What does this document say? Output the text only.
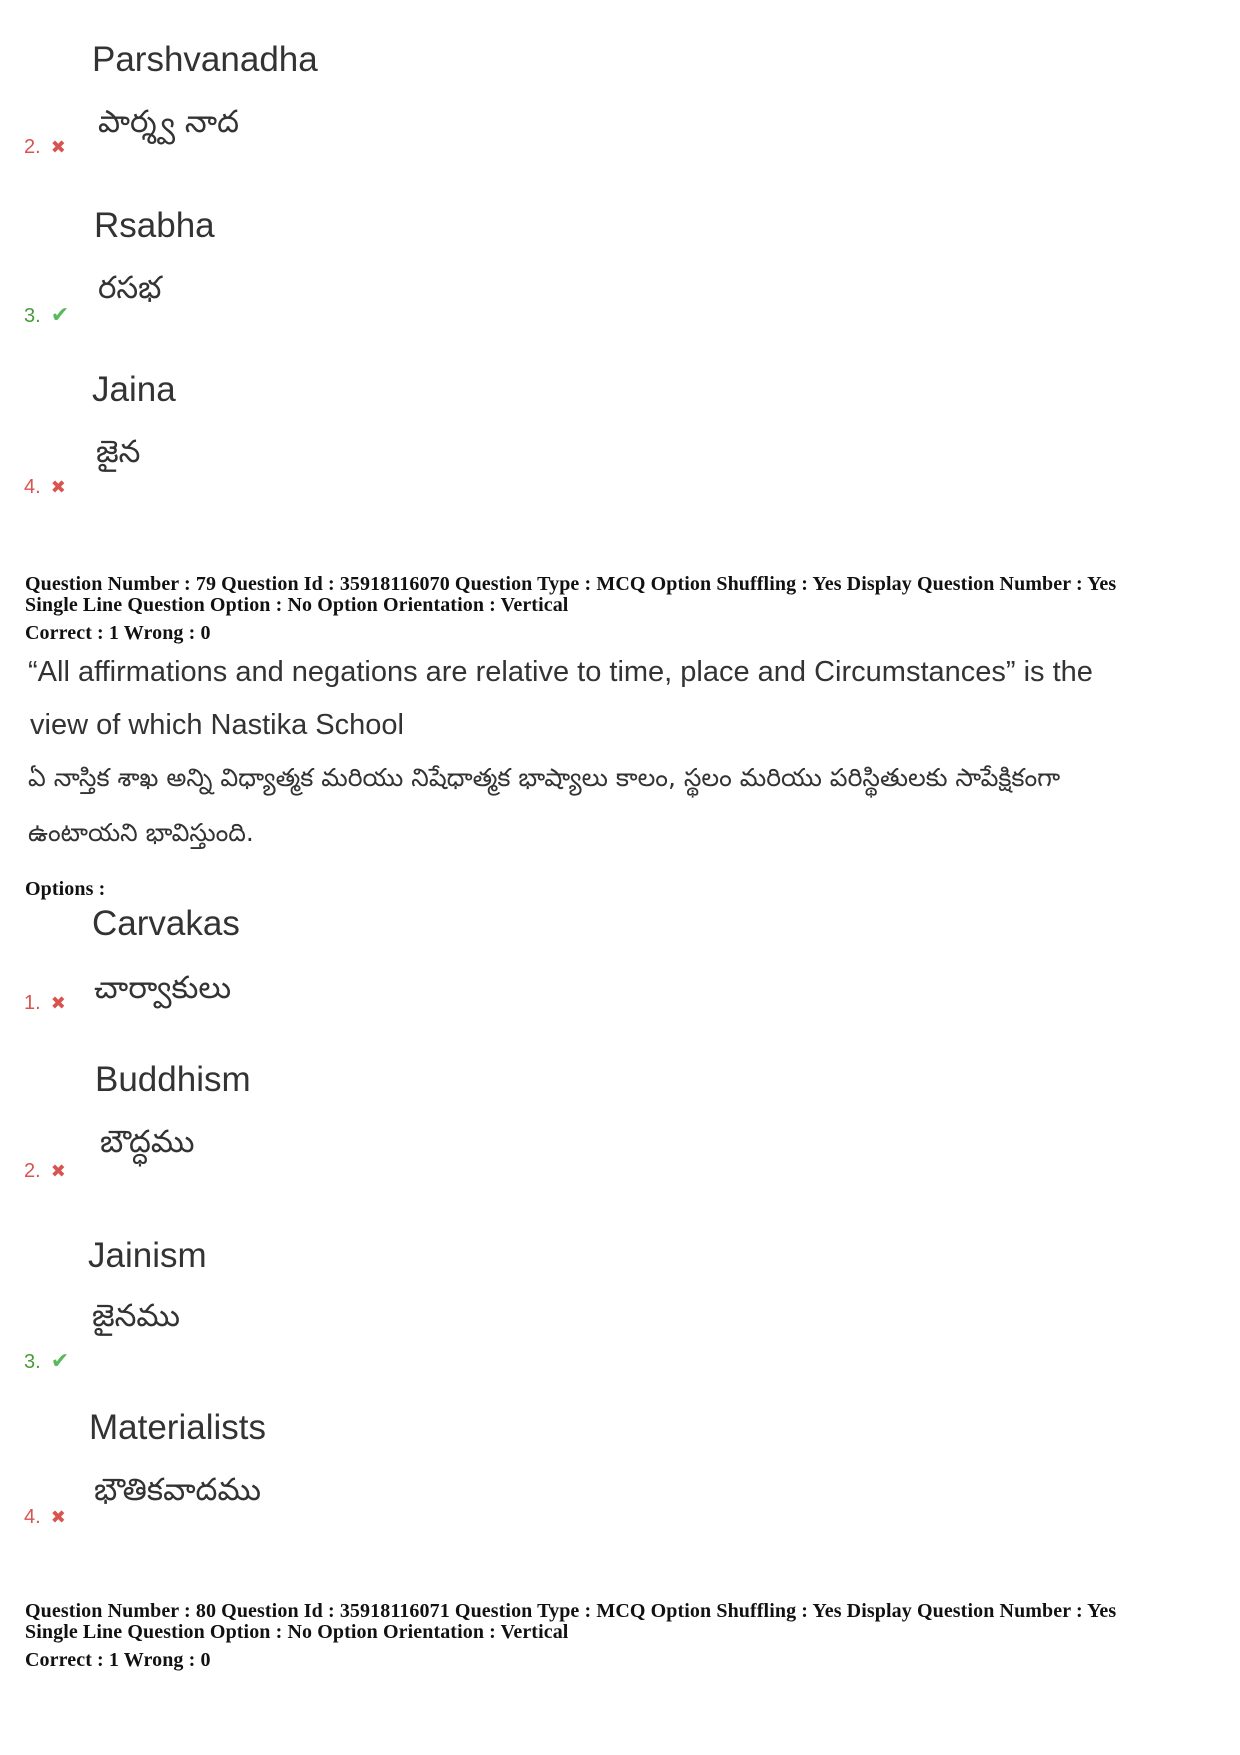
Parshvanadha
పార్శ్వ నాద
2. ✖
Rsabha
రసభ
3. ✔
Jaina
జైన
4. ✖
Question Number : 79 Question Id : 35918116070 Question Type : MCQ Option Shuffling : Yes Display Question Number : Yes
Single Line Question Option : No Option Orientation : Vertical
Correct : 1 Wrong : 0
“All affirmations and negations are relative to time, place and Circumstances” is the
view of which Nastika School
ఏ నాస్తిక శాఖ అన్ని విధ్యాత్మక మరియు నిషేధాత్మక భాష్యాలు కాలం, స్థలం మరియు పరిస్థితులకు సాపేక్షికంగా
ఉంటాయని భావిస్తుంది.
Options :
Carvakas
చార్వాకులు
1. ✖
Buddhism
బౌద్ధము
2. ✖
Jainism
జైనము
3. ✔
Materialists
భౌతికవాదము
4. ✖
Question Number : 80 Question Id : 35918116071 Question Type : MCQ Option Shuffling : Yes Display Question Number : Yes
Single Line Question Option : No Option Orientation : Vertical
Correct : 1 Wrong : 0
